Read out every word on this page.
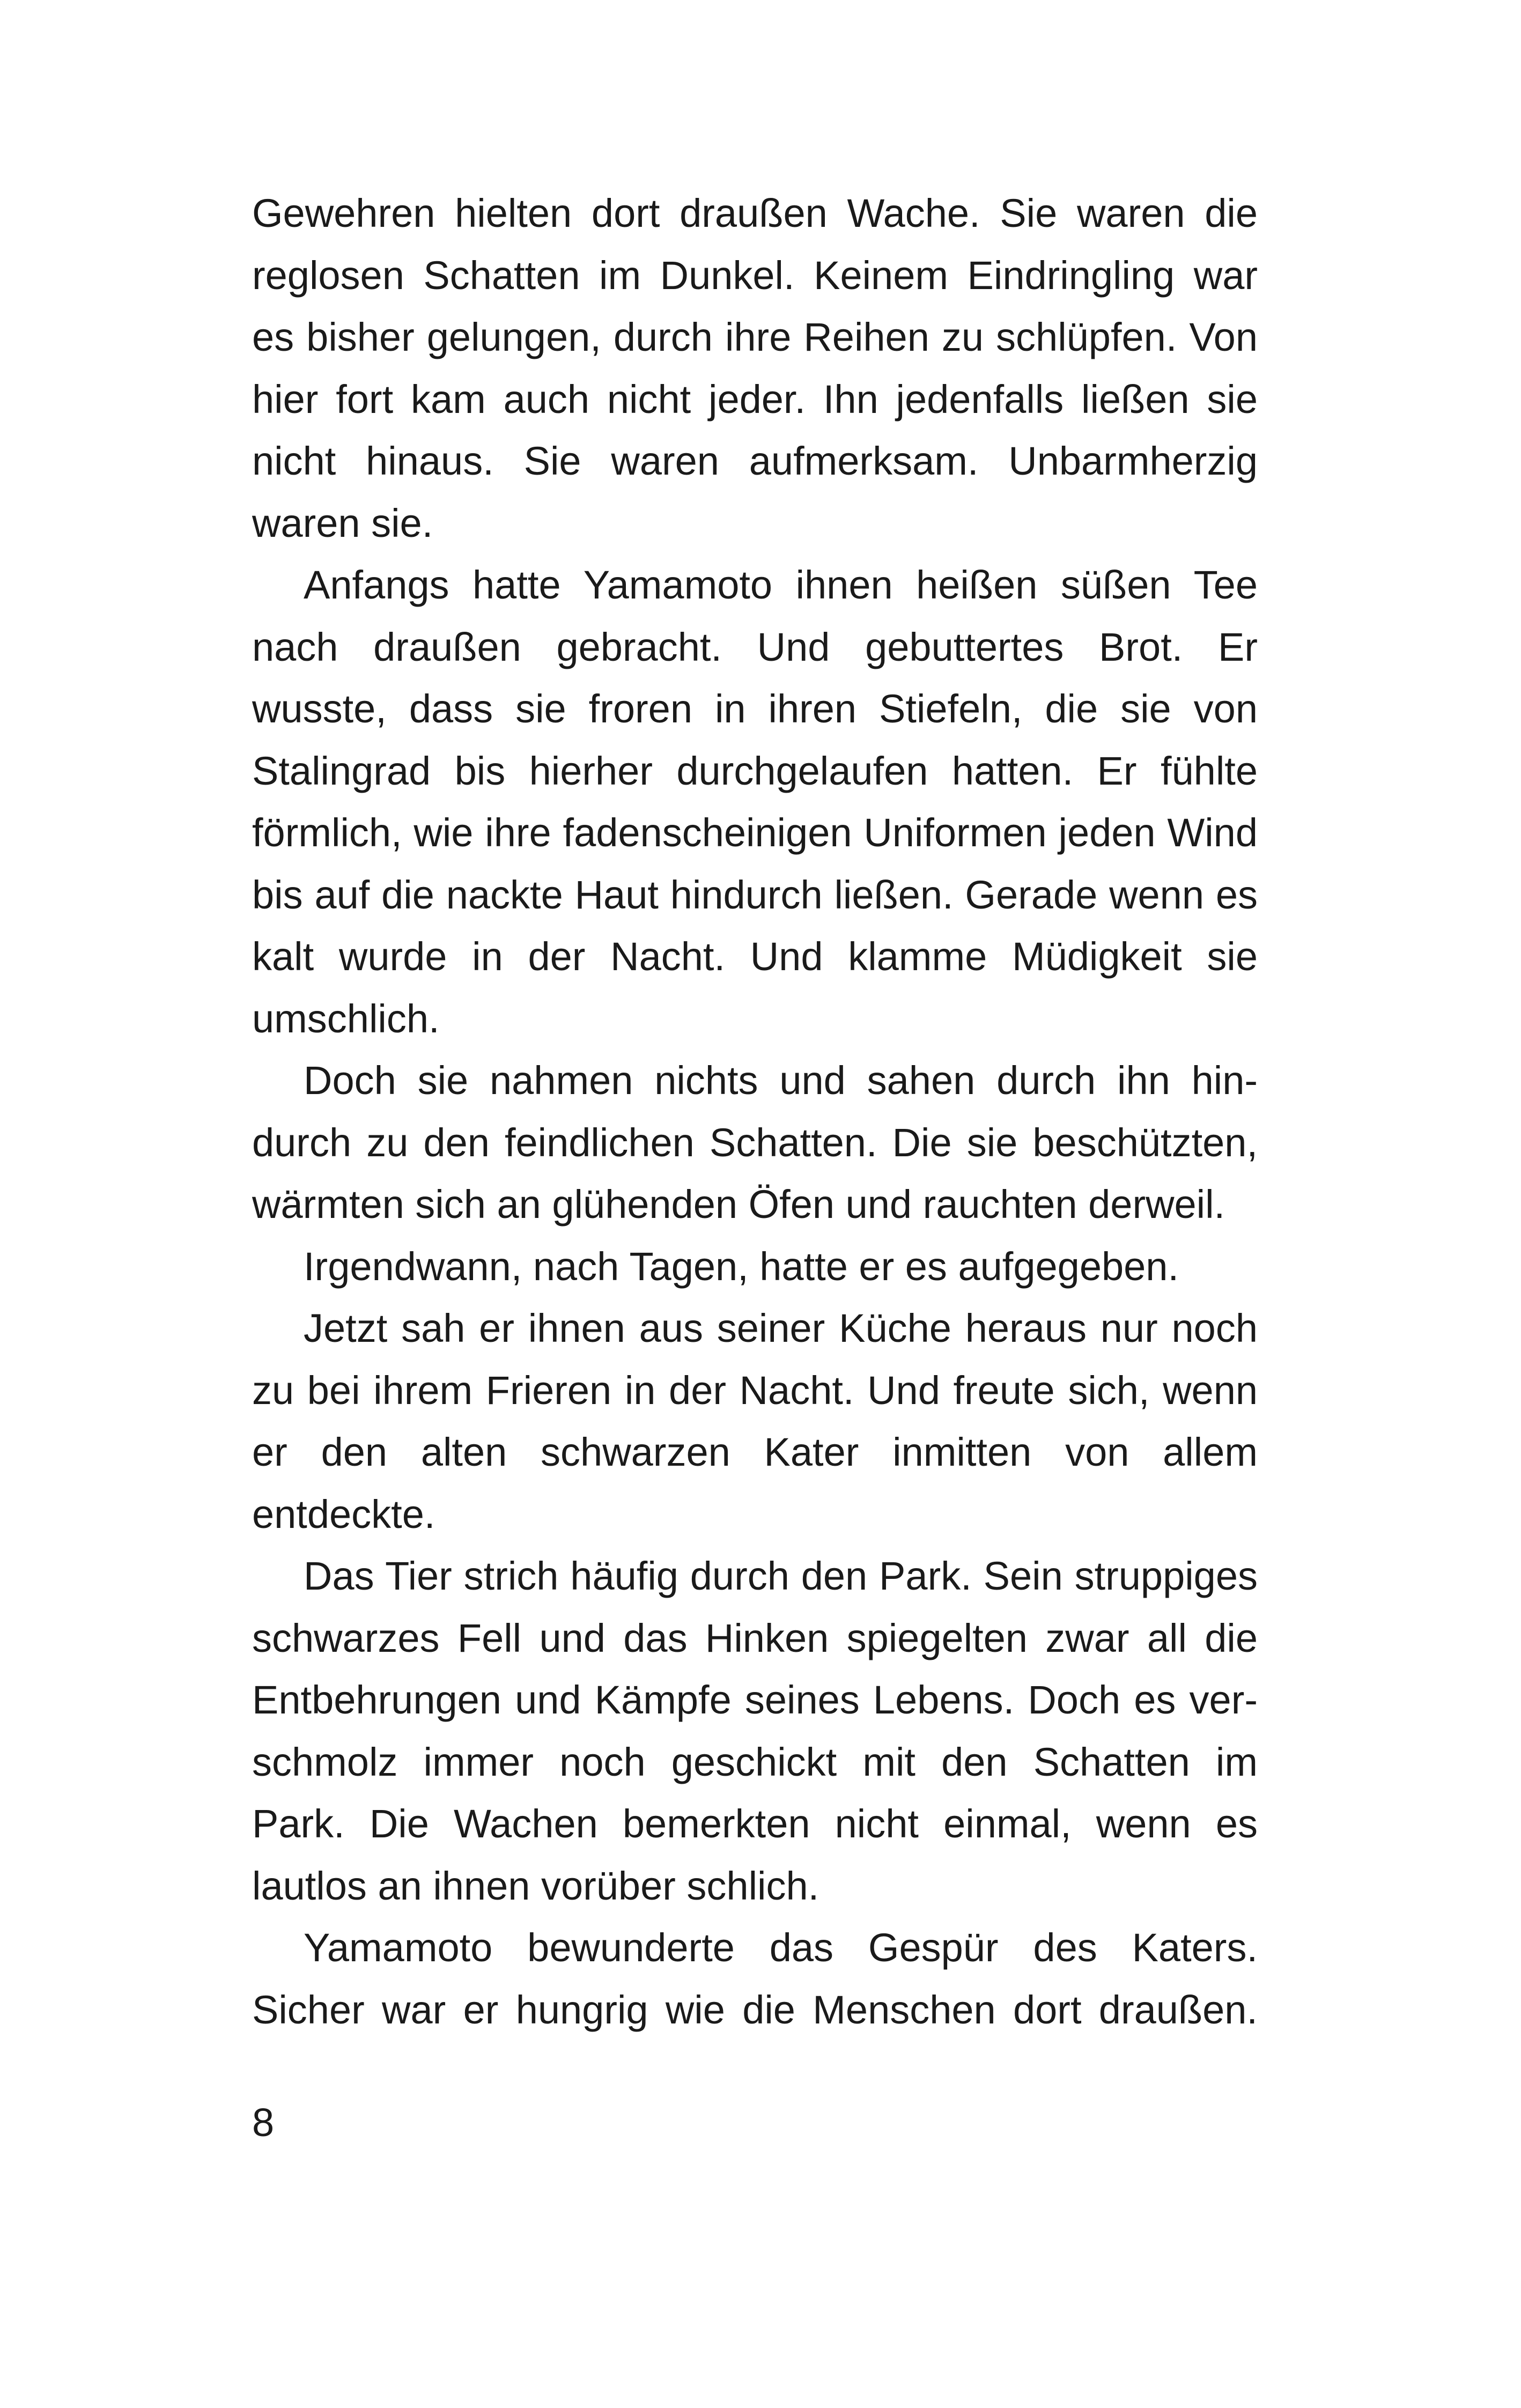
Gewehren hielten dort draußen Wache. Sie waren die reglosen Schatten im Dunkel. Keinem Eindringling war es bisher gelungen, durch ihre Reihen zu schlüpfen. Von hier fort kam auch nicht jeder. Ihn jedenfalls ließen sie nicht hinaus. Sie waren aufmerksam. Unbarmherzig waren sie.

Anfangs hatte Yamamoto ihnen heißen süßen Tee nach draußen gebracht. Und gebuttertes Brot. Er wusste, dass sie froren in ihren Stiefeln, die sie von Stalingrad bis hierher durchgelaufen hatten. Er fühlte förmlich, wie ihre fadenscheinigen Uniformen jeden Wind bis auf die nackte Haut hindurch ließen. Gerade wenn es kalt wurde in der Nacht. Und klamme Müdigkeit sie umschlich.

Doch sie nahmen nichts und sahen durch ihn hindurch zu den feindlichen Schatten. Die sie beschützten, wärmten sich an glühenden Öfen und rauchten derweil.

Irgendwann, nach Tagen, hatte er es aufgegeben.

Jetzt sah er ihnen aus seiner Küche heraus nur noch zu bei ihrem Frieren in der Nacht. Und freute sich, wenn er den alten schwarzen Kater inmitten von allem entdeckte.

Das Tier strich häufig durch den Park. Sein struppiges schwarzes Fell und das Hinken spiegelten zwar all die Entbehrungen und Kämpfe seines Lebens. Doch es verschmolz immer noch geschickt mit den Schatten im Park. Die Wachen bemerkten nicht einmal, wenn es lautlos an ihnen vorüber schlich.

Yamamoto bewunderte das Gespür des Katers. Sicher war er hungrig wie die Menschen dort draußen.

8
